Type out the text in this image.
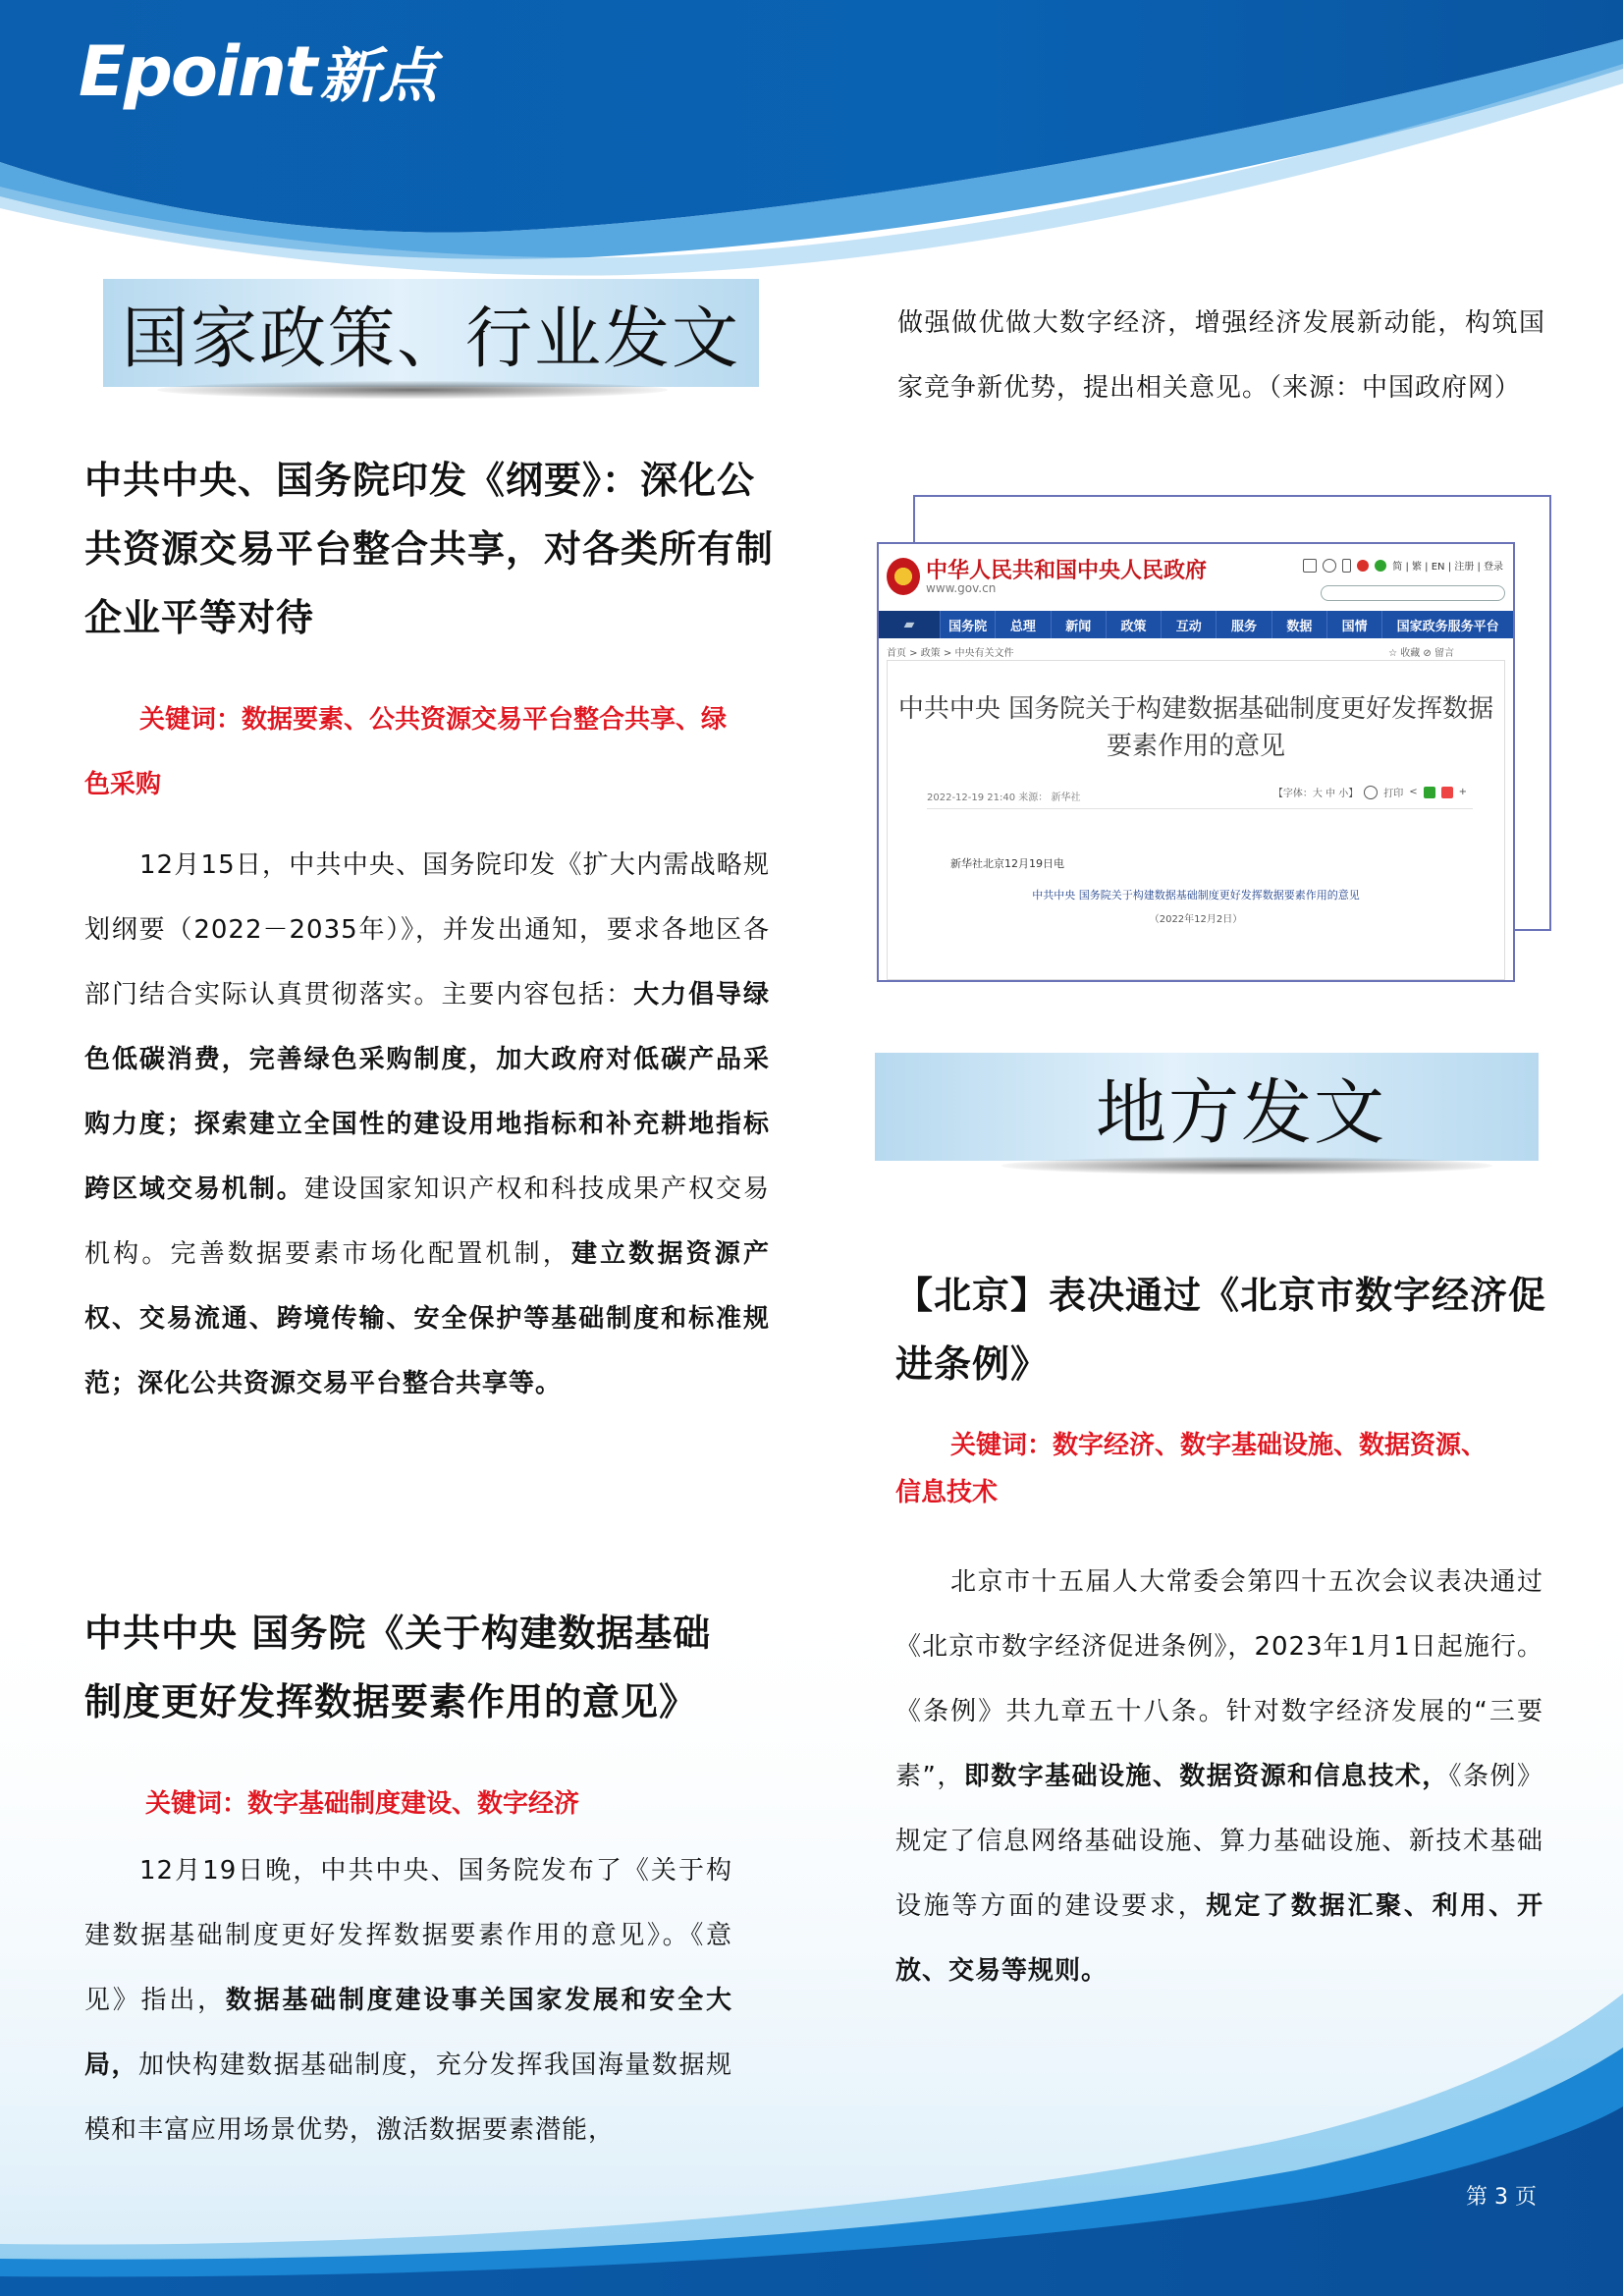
Epoint 新点
国家政策、行业发文
中共中央、国务院印发《纲要》：深化公
共资源交易平台整合共享，对各类所有制
企业平等对待

关键词：数据要素、公共资源交易平台整合共享、绿
色采购

12月15日，中共中央、国务院印发《扩大内需战略规划纲要（2022－2035年）》，并发出通知，要求各地区各部门结合实际认真贯彻落实。主要内容包括：大力倡导绿色低碳消费，完善绿色采购制度，加大政府对低碳产品采购力度；探索建立全国性的建设用地指标和补充耕地指标跨区域交易机制。建设国家知识产权和科技成果产权交易机构。完善数据要素市场化配置机制，建立数据资源产权、交易流通、跨境传输、安全保护等基础制度和标准规范；深化公共资源交易平台整合共享等。

中共中央 国务院《关于构建数据基础
制度更好发挥数据要素作用的意见》

关键词：数字基础制度建设、数字经济

12月19日晚，中共中央、国务院发布了《关于构建数据基础制度更好发挥数据要素作用的意见》。《意见》指出，数据基础制度建设事关国家发展和安全大局，加快构建数据基础制度，充分发挥我国海量数据规模和丰富应用场景优势，激活数据要素潜能，

做强做优做大数字经济，增强经济发展新动能，构筑国家竞争新优势，提出相关意见。（来源：中国政府网）

中华人民共和国中央人民政府
www.gov.cn
简 | 繁 | EN | 注册 | 登录
▰	国务院	总理	新闻	政策	互动	服务	数据	国情	国家政务服务平台
首页 > 政策 > 中央有关文件	☆ 收藏 ⊘ 留言
中共中央 国务院关于构建数据基础制度更好发挥数据
要素作用的意见
2022-12-19 21:40 来源： 新华社	【字体：大 中 小】	打印 <	+
新华社北京12月19日电
中共中央 国务院关于构建数据基础制度更好发挥数据要素作用的意见
（2022年12月2日）
地方发文
【北京】表决通过《北京市数字经济促
进条例》

关键词：数字经济、数字基础设施、数据资源、
信息技术

北京市十五届人大常委会第四十五次会议表决通过《北京市数字经济促进条例》，2023年1月1日起施行。《条例》共九章五十八条。针对数字经济发展的“三要素”，即数字基础设施、数据资源和信息技术，《条例》规定了信息网络基础设施、算力基础设施、新技术基础设施等方面的建设要求，规定了数据汇聚、利用、开放、交易等规则。

第 3 页
